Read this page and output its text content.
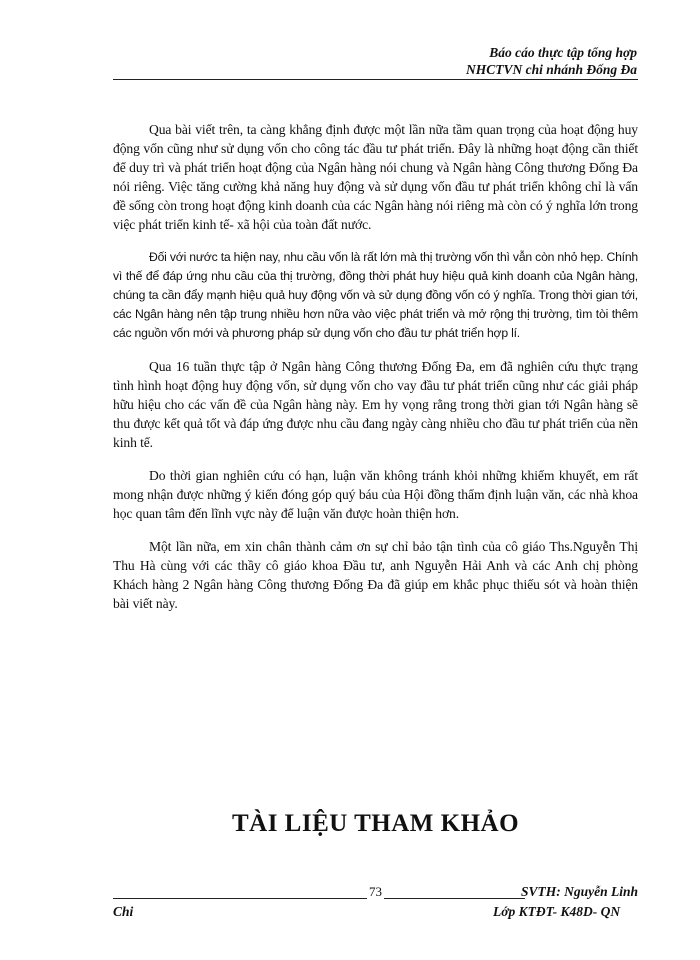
Báo cáo thực tập tổng hợp
NHCTVN chi nhánh Đống Đa

Qua bài viết trên, ta càng khẳng định được một lần nữa tầm quan trọng của hoạt động huy động vốn cũng như sử dụng vốn cho công tác đầu tư phát triển. Đây là những hoạt động cần thiết để duy trì và phát triển hoạt động của Ngân hàng nói chung và Ngân hàng Công thương Đống Đa nói riêng. Việc tăng cường khả năng huy động và sử dụng vốn đầu tư phát triển không chỉ là vấn đề sống còn trong hoạt động kinh doanh của các Ngân hàng nói riêng mà còn có ý nghĩa lớn trong việc phát triển kinh tế- xã hội của toàn đất nước.

Đối với nước ta hiện nay, nhu cầu vốn là rất lớn mà thị trường vốn thì vẫn còn nhỏ hẹp. Chính vì thế để đáp ứng nhu cầu của thị trường, đồng thời phát huy hiệu quả kinh doanh của Ngân hàng, chúng ta cần đẩy mạnh hiệu quả huy động vốn và sử dụng đồng vốn có ý nghĩa. Trong thời gian tới, các Ngân hàng nên tập trung nhiều hơn nữa vào việc phát triển và mở rộng thị trường, tìm tòi thêm các nguồn vốn mới và phương pháp sử dụng vốn cho đầu tư phát triển hợp lí.

Qua 16 tuần thực tập ở Ngân hàng Công thương Đống Đa, em đã nghiên cứu thực trạng tình hình hoạt động huy động vốn, sử dụng vốn cho vay đầu tư phát triển cũng như các giải pháp hữu hiệu cho các vấn đề của Ngân hàng này. Em hy vọng rằng trong thời gian tới Ngân hàng sẽ thu được kết quả tốt và đáp ứng được nhu cầu đang ngày càng nhiều cho đầu tư phát triển của nền kinh tế.

Do thời gian nghiên cứu có hạn, luận văn không tránh khỏi những khiếm khuyết, em rất mong nhận được những ý kiến đóng góp quý báu của Hội đồng thẩm định luận văn, các nhà khoa học quan tâm đến lĩnh vực này để luận văn được hoàn thiện hơn.

Một lần nữa, em xin chân thành cảm ơn sự chỉ bảo tận tình của cô giáo Ths.Nguyễn Thị Thu Hà cùng với các thầy cô giáo khoa Đầu tư, anh Nguyễn Hải Anh và các Anh chị phòng Khách hàng 2 Ngân hàng Công thương Đống Đa đã giúp em khắc phục thiếu sót và hoàn thiện bài viết này.

TÀI LIỆU THAM KHẢO
73	SVTH: Nguyễn Linh
Chi	Lớp KTĐT- K48D- QN
